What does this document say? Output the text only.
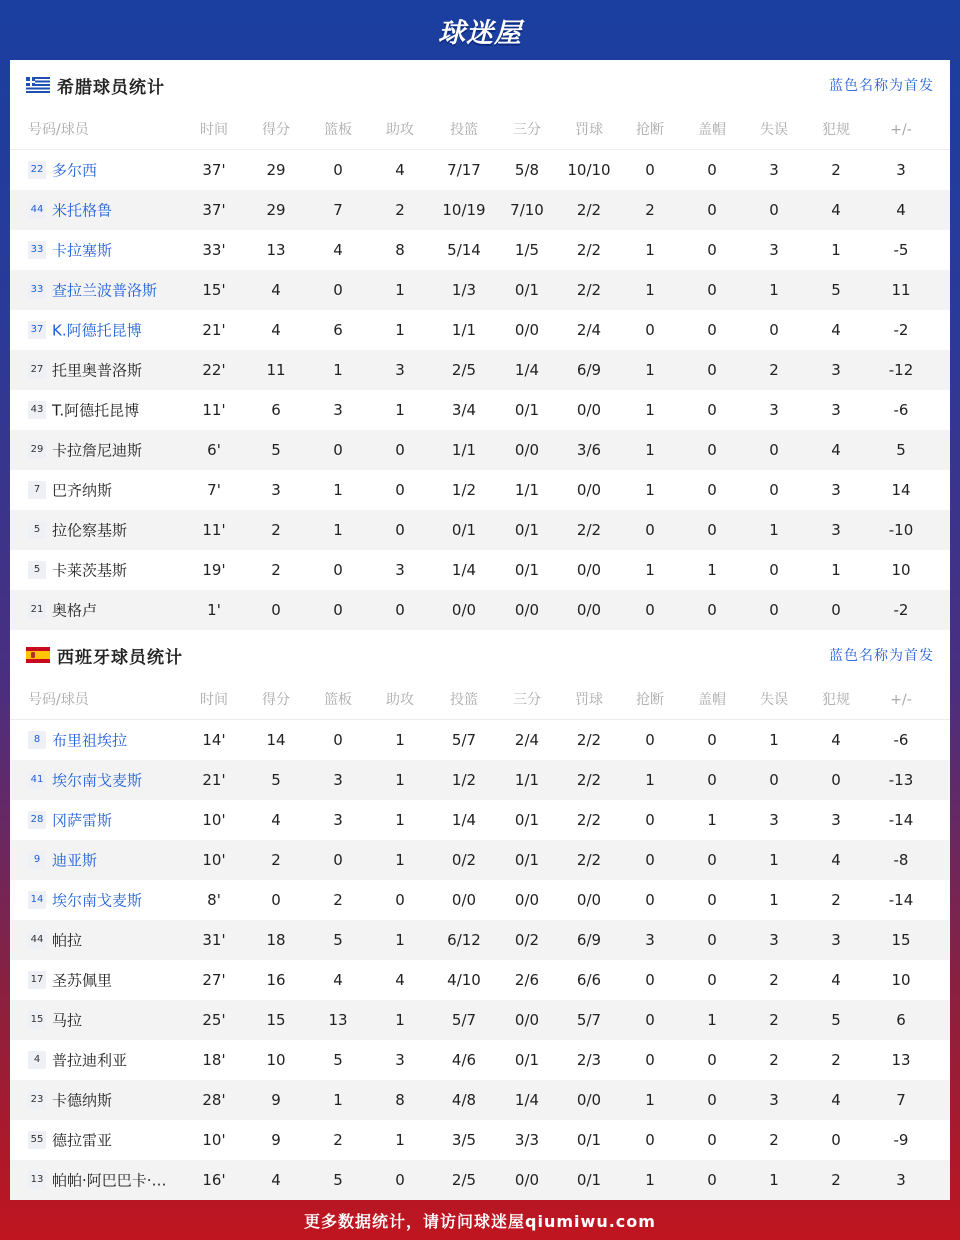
球迷屋
希腊球员统计	蓝色名称为首发
号码/球员	时间	得分	篮板	助攻	投篮	三分	罚球	抢断	盖帽	失误	犯规	+/-
22 多尔西	37'	29	0	4	7/17	5/8	10/10	0	0	3	2	3
44 米托格鲁	37'	29	7	2	10/19	7/10	2/2	2	0	0	4	4
33 卡拉塞斯	33'	13	4	8	5/14	1/5	2/2	1	0	3	1	-5
33 查拉兰波普洛斯	15'	4	0	1	1/3	0/1	2/2	1	0	1	5	11
37 K.阿德托昆博	21'	4	6	1	1/1	0/0	2/4	0	0	0	4	-2
27 托里奥普洛斯	22'	11	1	3	2/5	1/4	6/9	1	0	2	3	-12
43 T.阿德托昆博	11'	6	3	1	3/4	0/1	0/0	1	0	3	3	-6
29 卡拉詹尼迪斯	6'	5	0	0	1/1	0/0	3/6	1	0	0	4	5
7 巴齐纳斯	7'	3	1	0	1/2	1/1	0/0	1	0	0	3	14
5 拉伦察基斯	11'	2	1	0	0/1	0/1	2/2	0	0	1	3	-10
5 卡莱茨基斯	19'	2	0	3	1/4	0/1	0/0	1	1	0	1	10
21 奥格卢	1'	0	0	0	0/0	0/0	0/0	0	0	0	0	-2
西班牙球员统计	蓝色名称为首发
号码/球员	时间	得分	篮板	助攻	投篮	三分	罚球	抢断	盖帽	失误	犯规	+/-
8 布里祖埃拉	14'	14	0	1	5/7	2/4	2/2	0	0	1	4	-6
41 埃尔南戈麦斯	21'	5	3	1	1/2	1/1	2/2	1	0	0	0	-13
28 冈萨雷斯	10'	4	3	1	1/4	0/1	2/2	0	1	3	3	-14
9 迪亚斯	10'	2	0	1	0/2	0/1	2/2	0	0	1	4	-8
14 埃尔南戈麦斯	8'	0	2	0	0/0	0/0	0/0	0	0	1	2	-14
44 帕拉	31'	18	5	1	6/12	0/2	6/9	3	0	3	3	15
17 圣苏佩里	27'	16	4	4	4/10	2/6	6/6	0	0	2	4	10
15 马拉	25'	15	13	1	5/7	0/0	5/7	0	1	2	5	6
4 普拉迪利亚	18'	10	5	3	4/6	0/1	2/3	0	0	2	2	13
23 卡德纳斯	28'	9	1	8	4/8	1/4	0/0	1	0	3	4	7
55 德拉雷亚	10'	9	2	1	3/5	3/3	0/1	0	0	2	0	-9
13 帕帕·阿巴巴卡·…	16'	4	5	0	2/5	0/0	0/1	1	0	1	2	3
更多数据统计，请访问球迷屋qiumiwu.com
